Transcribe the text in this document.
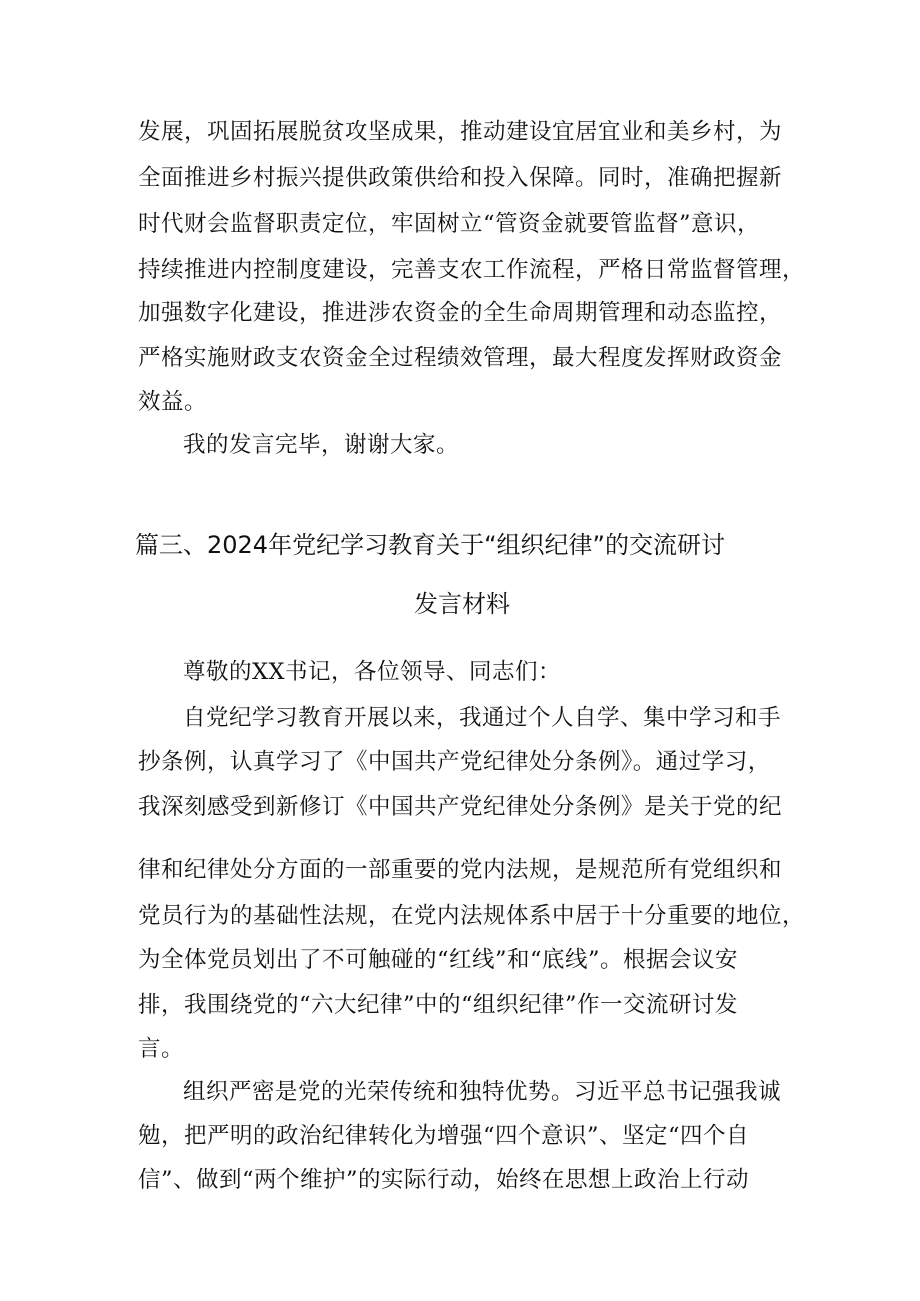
发展，巩固拓展脱贫攻坚成果，推动建设宜居宜业和美乡村，为
全面推进乡村振兴提供政策供给和投入保障。同时，准确把握新
时代财会监督职责定位，牢固树立“管资金就要管监督”意识，
持续推进内控制度建设，完善支农工作流程，严格日常监督管理，
加强数字化建设，推进涉农资金的全生命周期管理和动态监控，
严格实施财政支农资金全过程绩效管理，最大程度发挥财政资金
效益。
我的发言完毕，谢谢大家。
篇三、2024年党纪学习教育关于“组织纪律”的交流研讨
发言材料
尊敬的XX书记，各位领导、同志们：
自党纪学习教育开展以来，我通过个人自学、集中学习和手
抄条例，认真学习了《中国共产党纪律处分条例》。通过学习，
我深刻感受到新修订《中国共产党纪律处分条例》是关于党的纪
律和纪律处分方面的一部重要的党内法规，是规范所有党组织和
党员行为的基础性法规，在党内法规体系中居于十分重要的地位，
为全体党员划出了不可触碰的“红线”和“底线”。根据会议安
排，我围绕党的“六大纪律”中的“组织纪律”作一交流研讨发
言。
组织严密是党的光荣传统和独特优势。习近平总书记强我诚
勉，把严明的政治纪律转化为增强“四个意识”、坚定“四个自
信”、做到“两个维护”的实际行动，始终在思想上政治上行动
